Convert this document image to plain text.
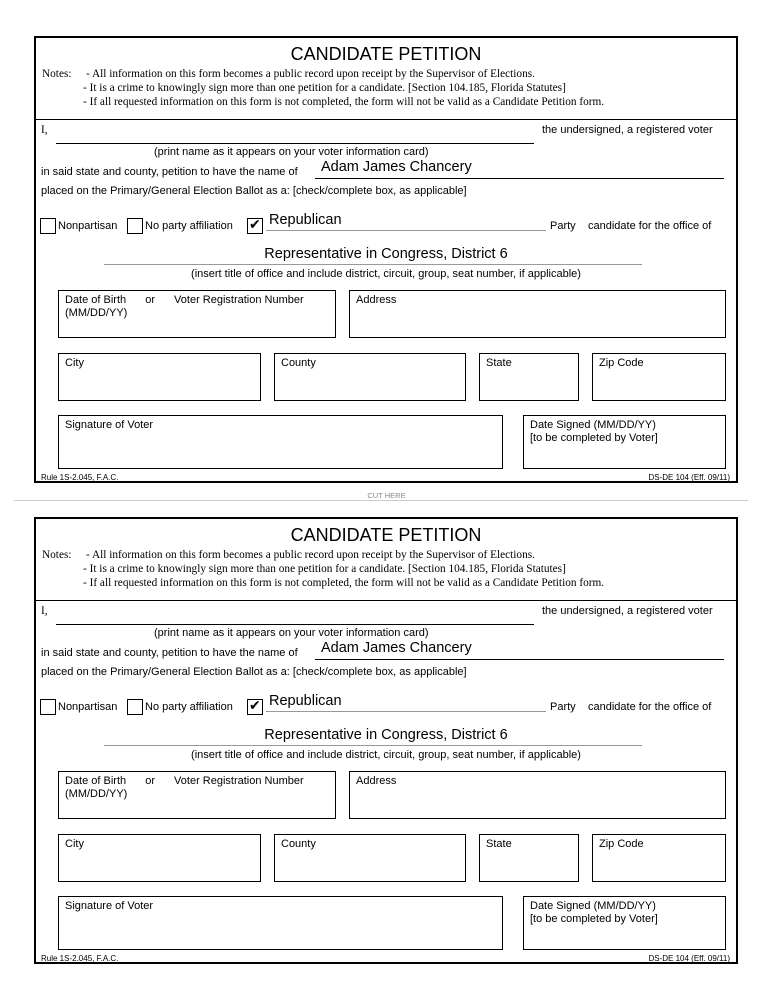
CANDIDATE PETITION
Notes: - All information on this form becomes a public record upon receipt by the Supervisor of Elections.
- It is a crime to knowingly sign more than one petition for a candidate. [Section 104.185, Florida Statutes]
- If all requested information on this form is not completed, the form will not be valid as a Candidate Petition form.
I,	the undersigned, a registered voter
(print name as it appears on your voter information card)
in said state and county, petition to have the name of Adam James Chancery
placed on the Primary/General Election Ballot as a: [check/complete box, as applicable]
Nonpartisan	No party affiliation ✔ Republican	Party candidate for the office of
Representative in Congress, District 6
(insert title of office and include district, circuit, group, seat number, if applicable)
Date of Birth or Voter Registration Number
(MM/DD/YY)
Address
City	County	State	Zip Code
Signature of Voter	Date Signed (MM/DD/YY)
[to be completed by Voter]
Rule 1S-2.045, F.A.C.	DS-DE 104 (Eff. 09/11)
CUT HERE
CANDIDATE PETITION
Notes: - All information on this form becomes a public record upon receipt by the Supervisor of Elections.
- It is a crime to knowingly sign more than one petition for a candidate. [Section 104.185, Florida Statutes]
- If all requested information on this form is not completed, the form will not be valid as a Candidate Petition form.
I,	the undersigned, a registered voter
(print name as it appears on your voter information card)
in said state and county, petition to have the name of Adam James Chancery
placed on the Primary/General Election Ballot as a: [check/complete box, as applicable]
Nonpartisan	No party affiliation ✔ Republican	Party candidate for the office of
Representative in Congress, District 6
(insert title of office and include district, circuit, group, seat number, if applicable)
Date of Birth or Voter Registration Number
(MM/DD/YY)
Address
City	County	State	Zip Code
Signature of Voter	Date Signed (MM/DD/YY)
[to be completed by Voter]
Rule 1S-2.045, F.A.C.	DS-DE 104 (Eff. 09/11)
